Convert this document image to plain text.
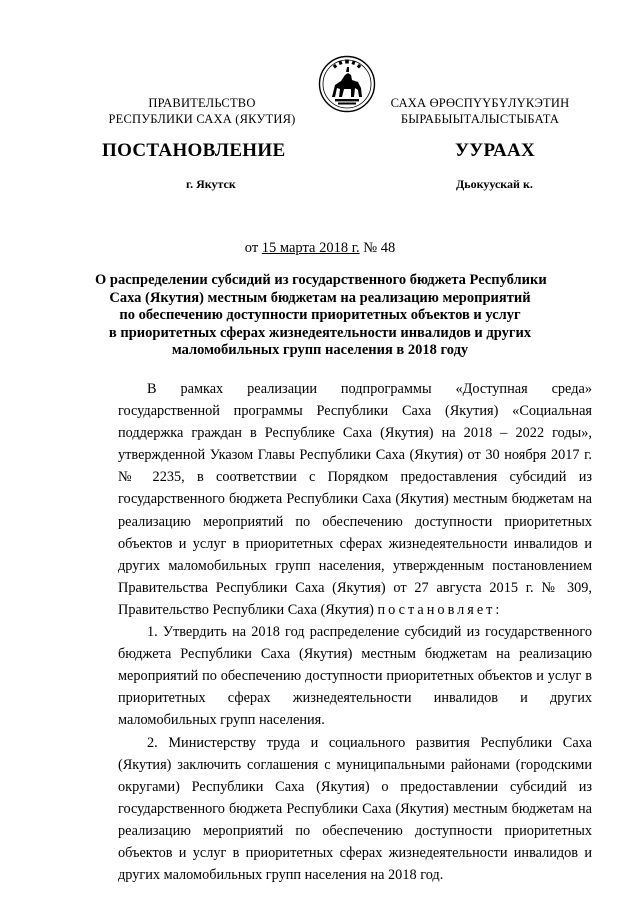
ПРАВИТЕЛЬСТВО
РЕСПУБЛИКИ САХА (ЯКУТИЯ)
САХА ӨРӨСПҮҮБҮЛҮКЭТИН
БЫРАБЫЫТАЛЫСТЫБАТА
ПОСТАНОВЛЕНИЕ	УУРААХ
г. Якутск	Дьокуускай к.
от 15 марта 2018 г. № 48
О распределении субсидий из государственного бюджета Республики
Саха (Якутия) местным бюджетам на реализацию мероприятий
по обеспечению доступности приоритетных объектов и услуг
в приоритетных сферах жизнедеятельности инвалидов и других
маломобильных групп населения в 2018 году

В рамках реализации подпрограммы «Доступная среда» государственной программы Республики Саха (Якутия) «Социальная поддержка граждан в Республике Саха (Якутия) на 2018 – 2022 годы», утвержденной Указом Главы Республики Саха (Якутия) от 30 ноября 2017 г. № 2235, в соответствии с Порядком предоставления субсидий из государственного бюджета Республики Саха (Якутия) местным бюджетам на реализацию мероприятий по обеспечению доступности приоритетных объектов и услуг в приоритетных сферах жизнедеятельности инвалидов и других маломобильных групп населения, утвержденным постановлением Правительства Республики Саха (Якутия) от 27 августа 2015 г. № 309, Правительство Республики Саха (Якутия) постановляет:

1. Утвердить на 2018 год распределение субсидий из государственного бюджета Республики Саха (Якутия) местным бюджетам на реализацию мероприятий по обеспечению доступности приоритетных объектов и услуг в приоритетных сферах жизнедеятельности инвалидов и других маломобильных групп населения.

2. Министерству труда и социального развития Республики Саха (Якутия) заключить соглашения с муниципальными районами (городскими округами) Республики Саха (Якутия) о предоставлении субсидий из государственного бюджета Республики Саха (Якутия) местным бюджетам на реализацию мероприятий по обеспечению доступности приоритетных объектов и услуг в приоритетных сферах жизнедеятельности инвалидов и других маломобильных групп населения на 2018 год.
